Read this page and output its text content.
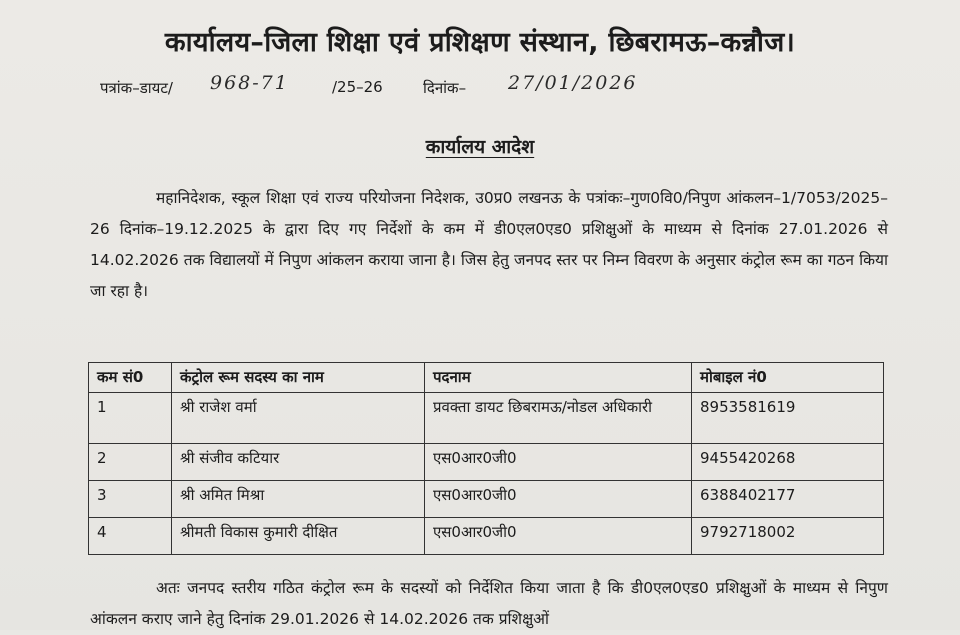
कार्यालय–जिला शिक्षा एवं प्रशिक्षण संस्थान, छिबरामऊ–कन्नौज।
पत्रांक–डायट/ 968-71	/25–26	दिनांक– 27/01/2026
कार्यालय आदेश
महानिदेशक, स्कूल शिक्षा एवं राज्य परियोजना निदेशक, उ0प्र0 लखनऊ के पत्रांकः–गुण0वि0/निपुण आंकलन–1/7053/2025–26 दिनांक–19.12.2025 के द्वारा दिए गए निर्देशों के कम में डी0एल0एड0 प्रशिक्षुओं के माध्यम से दिनांक 27.01.2026 से 14.02.2026 तक विद्यालयों में निपुण आंकलन कराया जाना है। जिस हेतु जनपद स्तर पर निम्न विवरण के अनुसार कंट्रोल रूम का गठन किया जा रहा है।
कम सं0	कंट्रोल रूम सदस्य का नाम	पदनाम	मोबाइल नं0
1	श्री राजेश वर्मा	प्रवक्ता डायट छिबरामऊ/नोडल अधिकारी	8953581619
2	श्री संजीव कटियार	एस0आर0जी0	9455420268
3	श्री अमित मिश्रा	एस0आर0जी0	6388402177
4	श्रीमती विकास कुमारी दीक्षित	एस0आर0जी0	9792718002
अतः जनपद स्तरीय गठित कंट्रोल रूम के सदस्यों को निर्देशित किया जाता है कि डी0एल0एड0 प्रशिक्षुओं के माध्यम से निपुण आंकलन कराए जाने हेतु दिनांक 29.01.2026 से 14.02.2026 तक प्रशिक्षुओं
